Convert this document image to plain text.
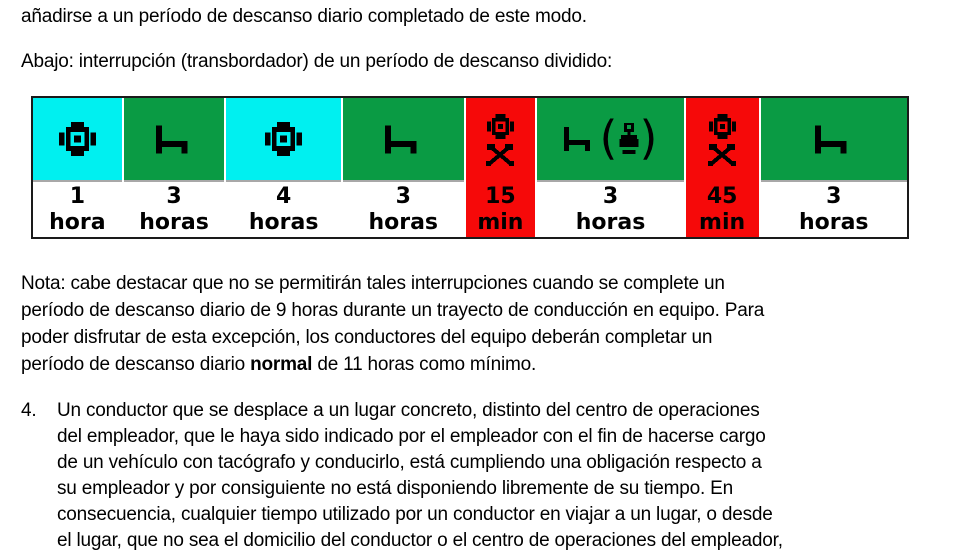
añadirse a un período de descanso diario completado de este modo.
Abajo: interrupción (transbordador) de un período de descanso dividido:
1
hora
3
horas
4
horas
3
horas
15
min
( )
3
horas
45
min
3
horas
Nota: cabe destacar que no se permitirán tales interrupciones cuando se complete un
período de descanso diario de 9 horas durante un trayecto de conducción en equipo. Para
poder disfrutar de esta excepción, los conductores del equipo deberán completar un
período de descanso diario normal de 11 horas como mínimo.
4.	Un conductor que se desplace a un lugar concreto, distinto del centro de operaciones
del empleador, que le haya sido indicado por el empleador con el fin de hacerse cargo
de un vehículo con tacógrafo y conducirlo, está cumpliendo una obligación respecto a
su empleador y por consiguiente no está disponiendo libremente de su tiempo. En
consecuencia, cualquier tiempo utilizado por un conductor en viajar a un lugar, o desde
el lugar, que no sea el domicilio del conductor o el centro de operaciones del empleador,
